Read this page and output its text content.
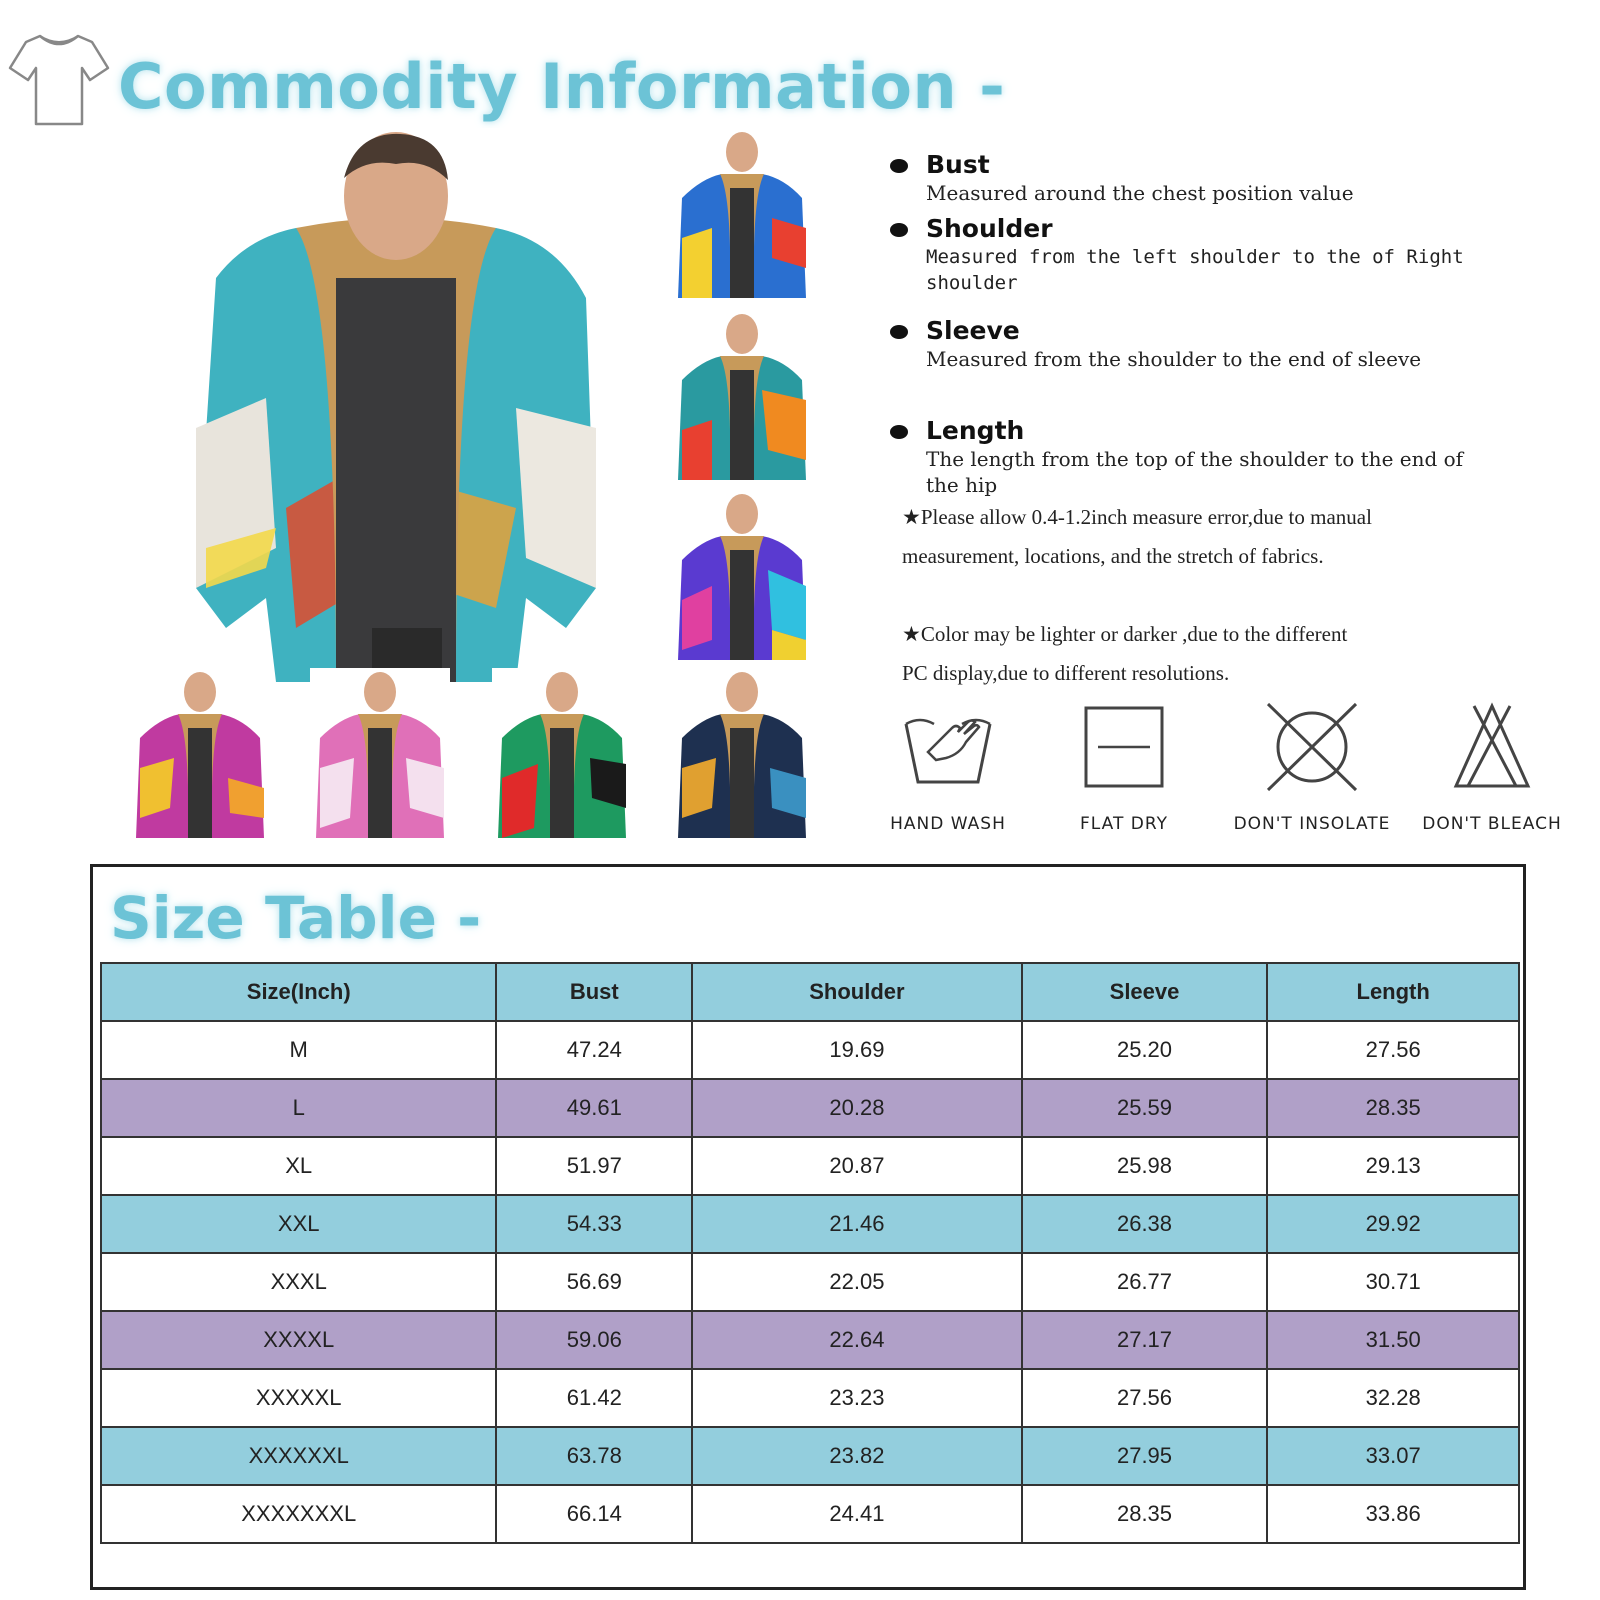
Commodity Information -

Bust

Measured around the chest position value

Shoulder

Measured from the left shoulder to the of Right shoulder

Sleeve

Measured from the shoulder to the end of sleeve

Length

The length from the top of the shoulder to the end of the hip

★Please allow 0.4-1.2inch measure error,due to manual measurement, locations, and the stretch of fabrics.
★Color may be lighter or darker ,due to the different PC display,due to different resolutions.
HAND WASH	FLAT DRY	DON'T INSOLATE	DON'T BLEACH
Size Table -
Size(Inch)	Bust	Shoulder	Sleeve	Length
M	47.24	19.69	25.20	27.56
L	49.61	20.28	25.59	28.35
XL	51.97	20.87	25.98	29.13
XXL	54.33	21.46	26.38	29.92
XXXL	56.69	22.05	26.77	30.71
XXXXL	59.06	22.64	27.17	31.50
XXXXXL	61.42	23.23	27.56	32.28
XXXXXXL	63.78	23.82	27.95	33.07
XXXXXXXL	66.14	24.41	28.35	33.86
